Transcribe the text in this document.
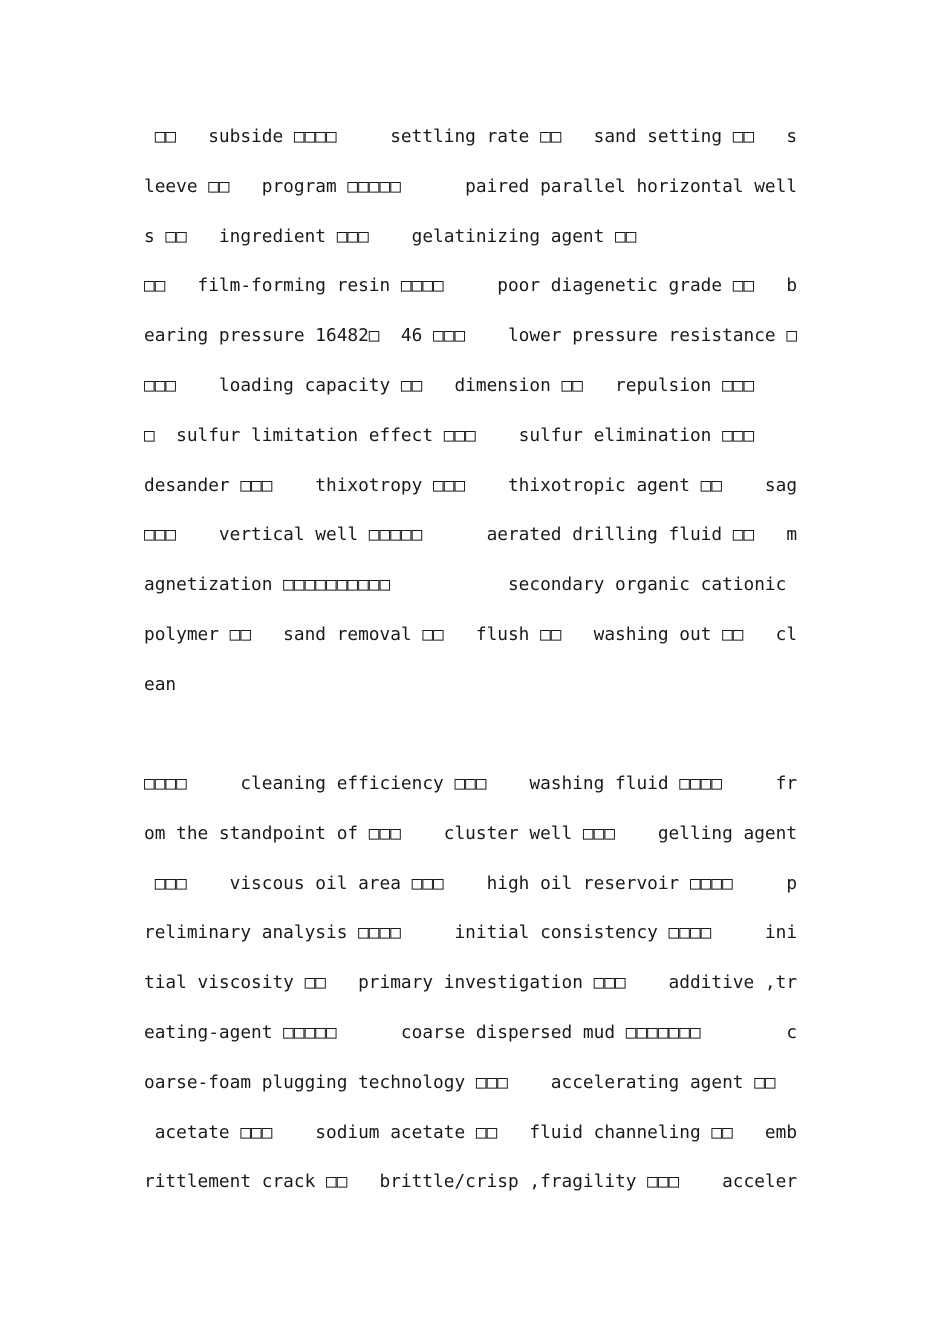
□□   subside □□□□     settling rate □□   sand setting □□   s
leeve □□   program □□□□□      paired parallel horizontal well
s □□   ingredient □□□    gelatinizing agent □□
□□   film-forming resin □□□□     poor diagenetic grade □□   b
earing pressure 16482□  46 □□□    lower pressure resistance □
□□□    loading capacity □□   dimension □□   repulsion □□□
□  sulfur limitation effect □□□    sulfur elimination □□□
desander □□□    thixotropy □□□    thixotropic agent □□    sag
□□□    vertical well □□□□□      aerated drilling fluid □□   m
agnetization □□□□□□□□□□           secondary organic cationic
polymer □□   sand removal □□   flush □□   washing out □□   cl
ean
□□□□     cleaning efficiency □□□    washing fluid □□□□     fr
om the standpoint of □□□    cluster well □□□    gelling agent
□□□    viscous oil area □□□    high oil reservoir □□□□     p
reliminary analysis □□□□     initial consistency □□□□     ini
tial viscosity □□   primary investigation □□□    additive ,tr
eating-agent □□□□□      coarse dispersed mud □□□□□□□        c
oarse-foam plugging technology □□□    accelerating agent □□
acetate □□□    sodium acetate □□   fluid channeling □□   emb
rittlement crack □□   brittle/crisp ,fragility □□□    acceler
